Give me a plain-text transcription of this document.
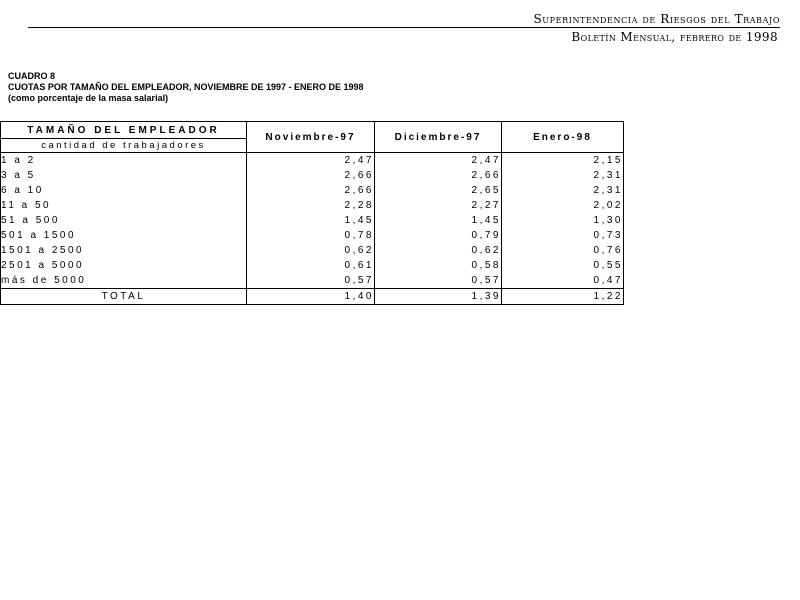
Superintendencia de Riesgos del Trabajo
Boletín Mensual, febrero de 1998
CUADRO 8
CUOTAS POR TAMAÑO DEL EMPLEADOR, NOVIEMBRE DE 1997 - ENERO DE 1998
(como porcentaje de la masa salarial)
TAMAÑO DEL EMPLEADOR	Noviembre-97	Diciembre-97	Enero-98
cantidad de trabajadores			
1 a 2	2,47	2,47	2,15
3 a 5	2,66	2,66	2,31
6 a 10	2,66	2,65	2,31
11 a 50	2,28	2,27	2,02
51 a 500	1,45	1,45	1,30
501 a 1500	0,78	0,79	0,73
1501 a 2500	0,62	0,62	0,76
2501 a 5000	0,61	0,58	0,55
más de 5000	0,57	0,57	0,47
TOTAL	1,40	1,39	1,22
